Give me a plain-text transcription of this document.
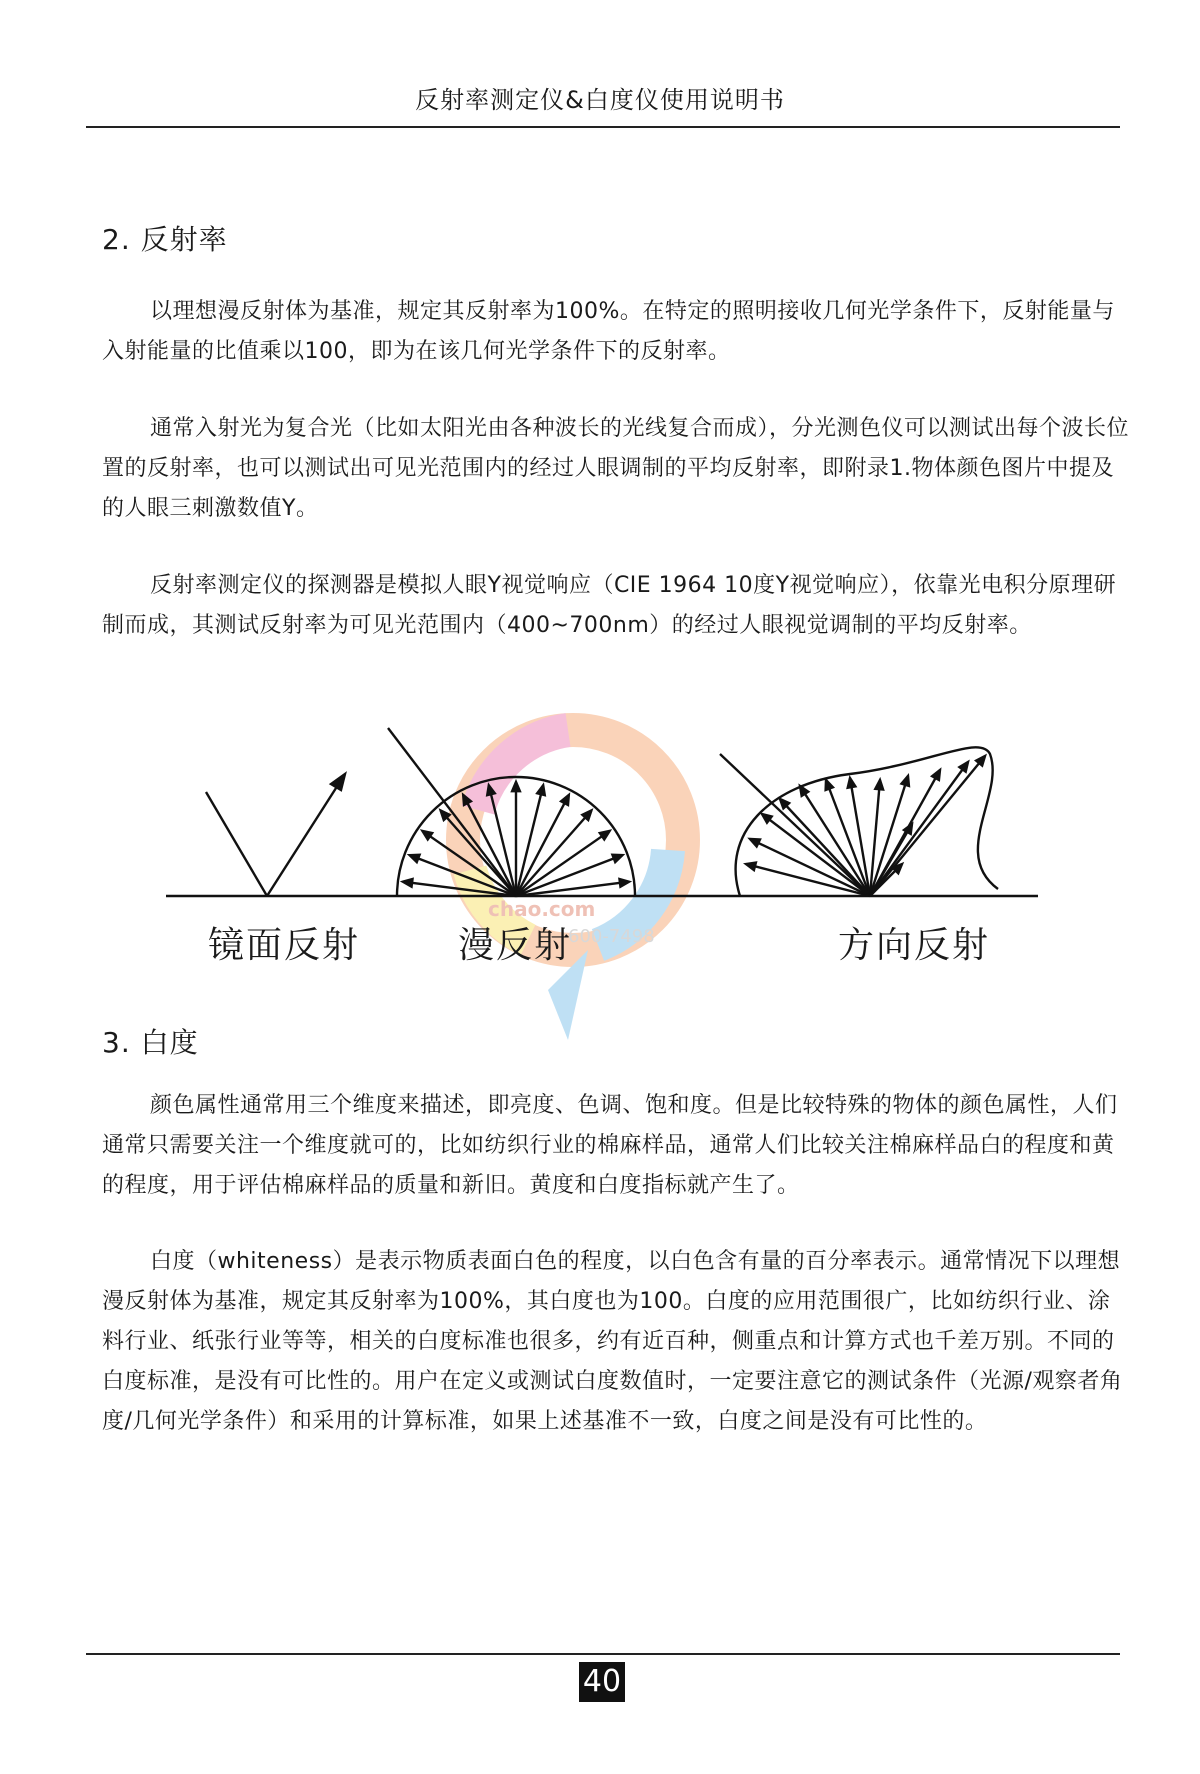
反射率测定仪&白度仪使用说明书
2. 反射率

以理想漫反射体为基准，规定其反射率为100%。在特定的照明接收几何光学条件下，反射能量与入射能量的比值乘以100，即为在该几何光学条件下的反射率。

通常入射光为复合光（比如太阳光由各种波长的光线复合而成），分光测色仪可以测试出每个波长位置的反射率，也可以测试出可见光范围内的经过人眼调制的平均反射率，即附录1.物体颜色图片中提及的人眼三刺激数值Y。

反射率测定仪的探测器是模拟人眼Y视觉响应（CIE 1964 10度Y视觉响应），依靠光电积分原理研制而成，其测试反射率为可见光范围内（400~700nm）的经过人眼视觉调制的平均反射率。

chao.com
600-7498
镜面反射	漫反射	方向反射
3. 白度

颜色属性通常用三个维度来描述，即亮度、色调、饱和度。但是比较特殊的物体的颜色属性，人们通常只需要关注一个维度就可的，比如纺织行业的棉麻样品，通常人们比较关注棉麻样品白的程度和黄的程度，用于评估棉麻样品的质量和新旧。黄度和白度指标就产生了。

白度（whiteness）是表示物质表面白色的程度，以白色含有量的百分率表示。通常情况下以理想漫反射体为基准，规定其反射率为100%，其白度也为100。白度的应用范围很广，比如纺织行业、涂料行业、纸张行业等等，相关的白度标准也很多，约有近百种，侧重点和计算方式也千差万别。不同的白度标准，是没有可比性的。用户在定义或测试白度数值时，一定要注意它的测试条件（光源/观察者角度/几何光学条件）和采用的计算标准，如果上述基准不一致，白度之间是没有可比性的。

40
